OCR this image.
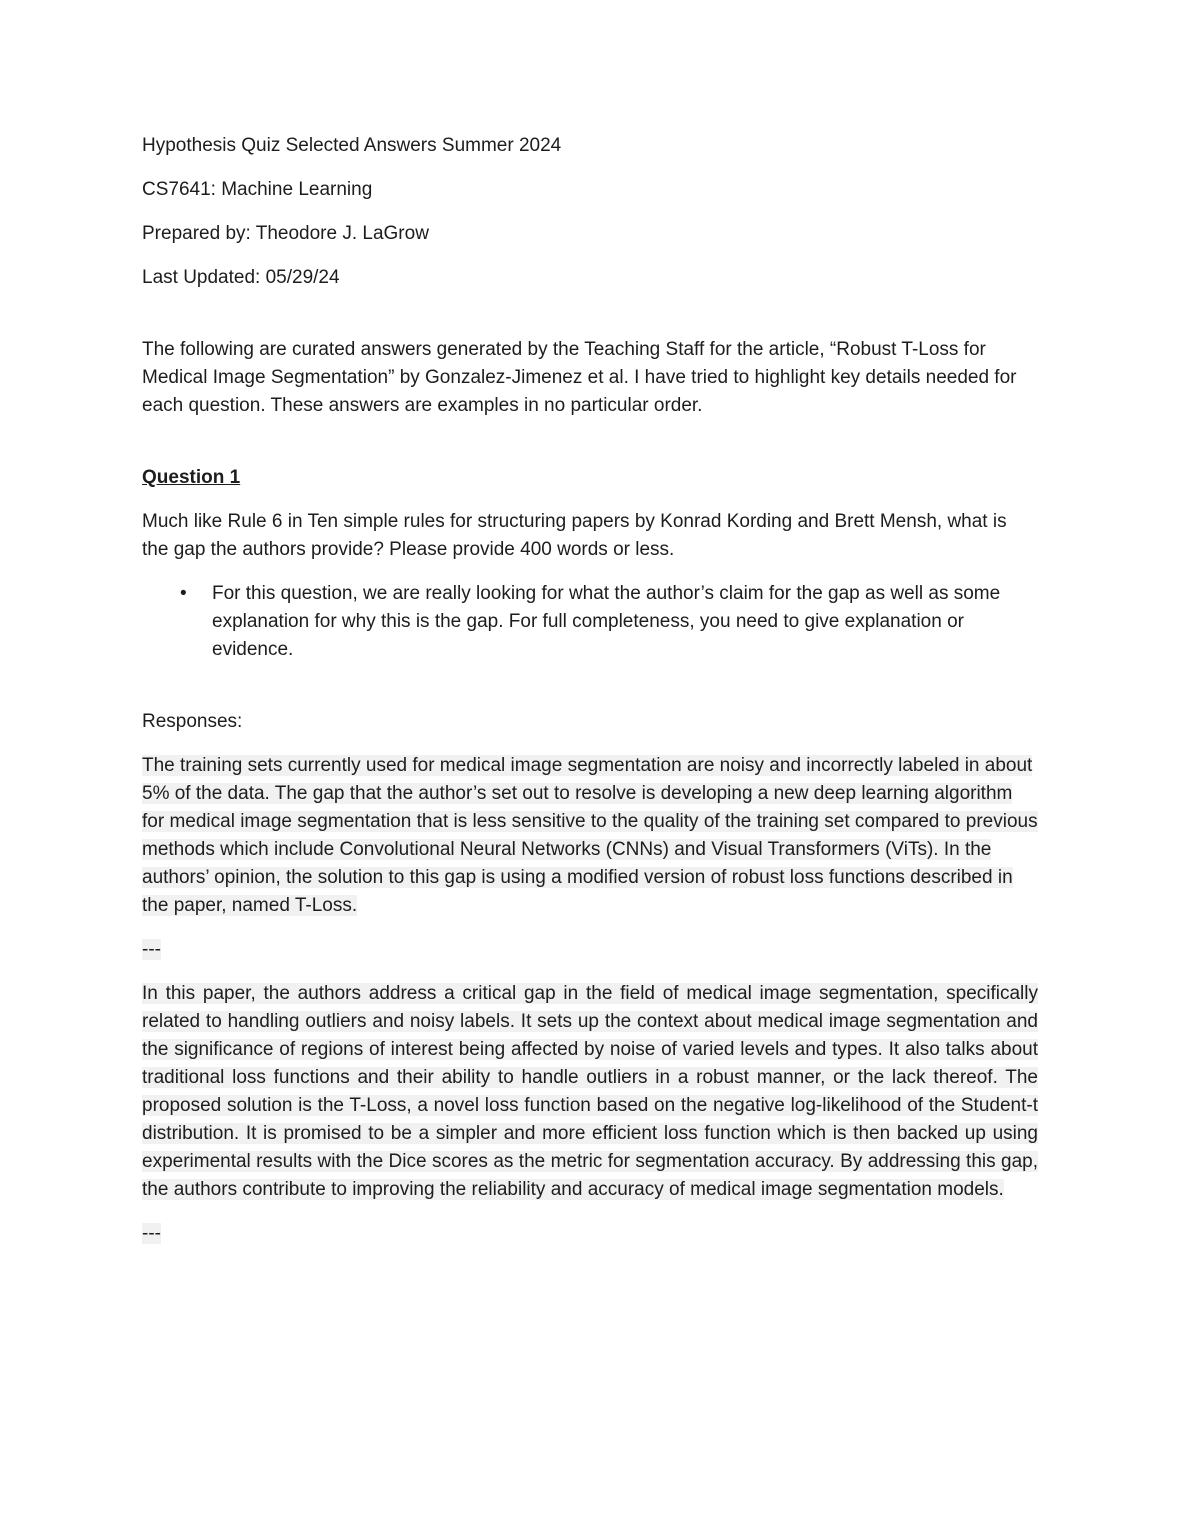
Hypothesis Quiz Selected Answers Summer 2024

CS7641: Machine Learning

Prepared by: Theodore J. LaGrow

Last Updated: 05/29/24

The following are curated answers generated by the Teaching Staff for the article, “Robust T-Loss for Medical Image Segmentation” by Gonzalez-Jimenez et al. I have tried to highlight key details needed for each question. These answers are examples in no particular order.

Question 1

Much like Rule 6 in Ten simple rules for structuring papers by Konrad Kording and Brett Mensh, what is the gap the authors provide? Please provide 400 words or less.

•	For this question, we are really looking for what the author’s claim for the gap as well as some explanation for why this is the gap. For full completeness, you need to give explanation or evidence.

Responses:

The training sets currently used for medical image segmentation are noisy and incorrectly labeled in about 5% of the data. The gap that the author’s set out to resolve is developing a new deep learning algorithm for medical image segmentation that is less sensitive to the quality of the training set compared to previous methods which include Convolutional Neural Networks (CNNs) and Visual Transformers (ViTs). In the authors’ opinion, the solution to this gap is using a modified version of robust loss functions described in the paper, named T-Loss.

---

In this paper, the authors address a critical gap in the field of medical image segmentation, specifically related to handling outliers and noisy labels. It sets up the context about medical image segmentation and the significance of regions of interest being affected by noise of varied levels and types. It also talks about traditional loss functions and their ability to handle outliers in a robust manner, or the lack thereof. The proposed solution is the T-Loss, a novel loss function based on the negative log-likelihood of the Student-t distribution. It is promised to be a simpler and more efficient loss function which is then backed up using experimental results with the Dice scores as the metric for segmentation accuracy. By addressing this gap, the authors contribute to improving the reliability and accuracy of medical image segmentation models.

---
